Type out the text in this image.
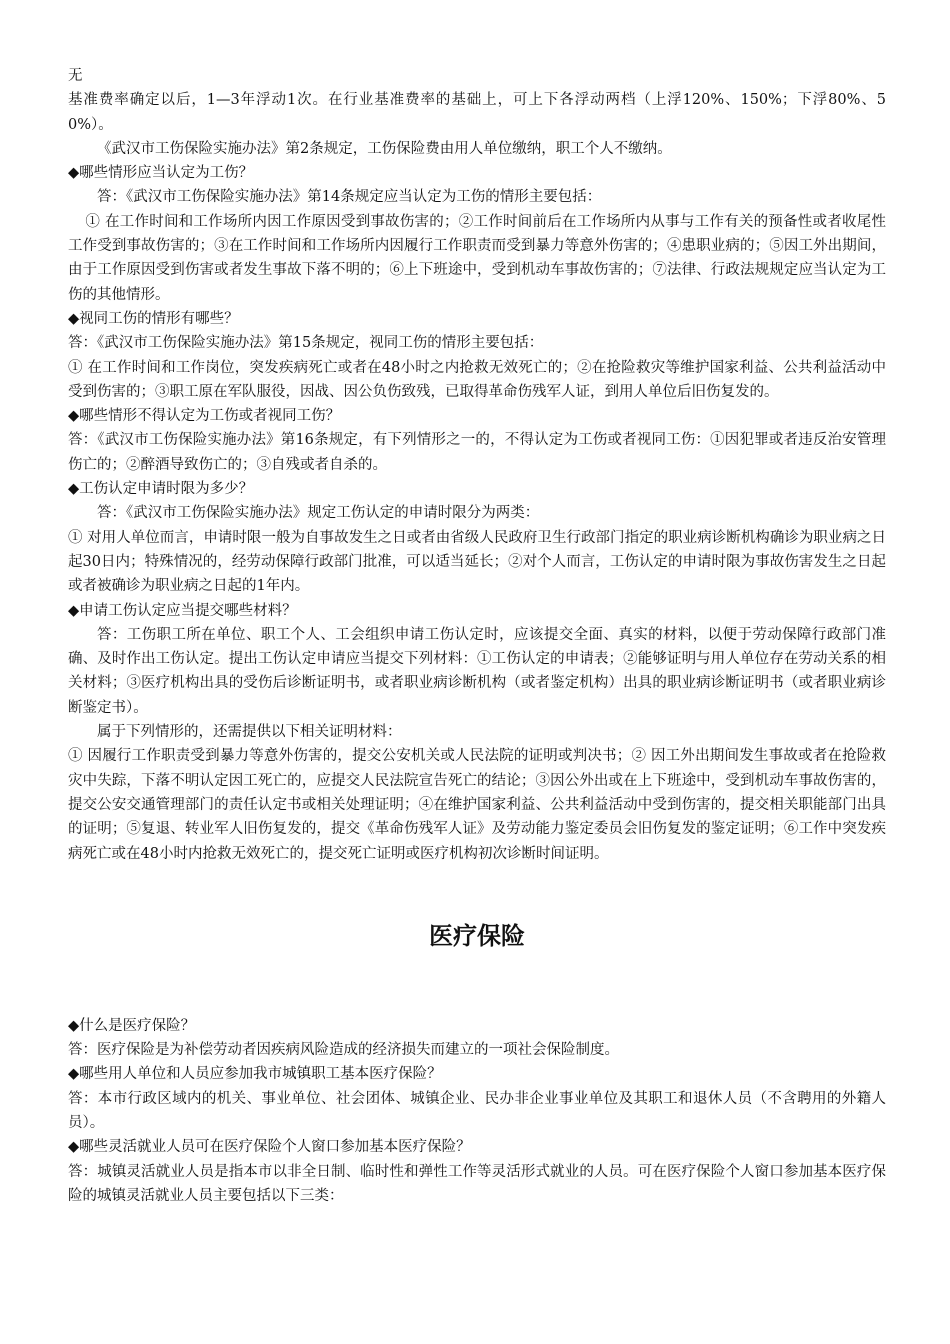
无

基准费率确定以后，1—3年浮动1次。在行业基准费率的基础上，可上下各浮动两档（上浮120%、150%；下浮80%、50%）。

《武汉市工伤保险实施办法》第2条规定，工伤保险费由用人单位缴纳，职工个人不缴纳。

◆哪些情形应当认定为工伤？

答：《武汉市工伤保险实施办法》第14条规定应当认定为工伤的情形主要包括：

① 在工作时间和工作场所内因工作原因受到事故伤害的；②工作时间前后在工作场所内从事与工作有关的预备性或者收尾性工作受到事故伤害的；③在工作时间和工作场所内因履行工作职责而受到暴力等意外伤害的；④患职业病的；⑤因工外出期间，由于工作原因受到伤害或者发生事故下落不明的；⑥上下班途中，受到机动车事故伤害的；⑦法律、行政法规规定应当认定为工伤的其他情形。

◆视同工伤的情形有哪些？

答：《武汉市工伤保险实施办法》第15条规定，视同工伤的情形主要包括：

① 在工作时间和工作岗位，突发疾病死亡或者在48小时之内抢救无效死亡的；②在抢险救灾等维护国家利益、公共利益活动中受到伤害的；③职工原在军队服役，因战、因公负伤致残，已取得革命伤残军人证，到用人单位后旧伤复发的。

◆哪些情形不得认定为工伤或者视同工伤？

答：《武汉市工伤保险实施办法》第16条规定，有下列情形之一的，不得认定为工伤或者视同工伤：①因犯罪或者违反治安管理伤亡的；②醉酒导致伤亡的；③自残或者自杀的。

◆工伤认定申请时限为多少？

答：《武汉市工伤保险实施办法》规定工伤认定的申请时限分为两类：

① 对用人单位而言，申请时限一般为自事故发生之日或者由省级人民政府卫生行政部门指定的职业病诊断机构确诊为职业病之日起30日内；特殊情况的，经劳动保障行政部门批准，可以适当延长；②对个人而言，工伤认定的申请时限为事故伤害发生之日起或者被确诊为职业病之日起的1年内。

◆申请工伤认定应当提交哪些材料？

答：工伤职工所在单位、职工个人、工会组织申请工伤认定时，应该提交全面、真实的材料，以便于劳动保障行政部门准确、及时作出工伤认定。提出工伤认定申请应当提交下列材料：①工伤认定的申请表；②能够证明与用人单位存在劳动关系的相关材料；③医疗机构出具的受伤后诊断证明书，或者职业病诊断机构（或者鉴定机构）出具的职业病诊断证明书（或者职业病诊断鉴定书）。

属于下列情形的，还需提供以下相关证明材料：

① 因履行工作职责受到暴力等意外伤害的，提交公安机关或人民法院的证明或判决书；② 因工外出期间发生事故或者在抢险救灾中失踪，下落不明认定因工死亡的，应提交人民法院宣告死亡的结论；③因公外出或在上下班途中，受到机动车事故伤害的，提交公安交通管理部门的责任认定书或相关处理证明；④在维护国家利益、公共利益活动中受到伤害的，提交相关职能部门出具的证明；⑤复退、转业军人旧伤复发的，提交《革命伤残军人证》及劳动能力鉴定委员会旧伤复发的鉴定证明；⑥工作中突发疾病死亡或在48小时内抢救无效死亡的，提交死亡证明或医疗机构初次诊断时间证明。

医疗保险

◆什么是医疗保险？

答：医疗保险是为补偿劳动者因疾病风险造成的经济损失而建立的一项社会保险制度。

◆哪些用人单位和人员应参加我市城镇职工基本医疗保险？

答：本市行政区域内的机关、事业单位、社会团体、城镇企业、民办非企业事业单位及其职工和退休人员（不含聘用的外籍人员）。

◆哪些灵活就业人员可在医疗保险个人窗口参加基本医疗保险？

答：城镇灵活就业人员是指本市以非全日制、临时性和弹性工作等灵活形式就业的人员。可在医疗保险个人窗口参加基本医疗保险的城镇灵活就业人员主要包括以下三类：
